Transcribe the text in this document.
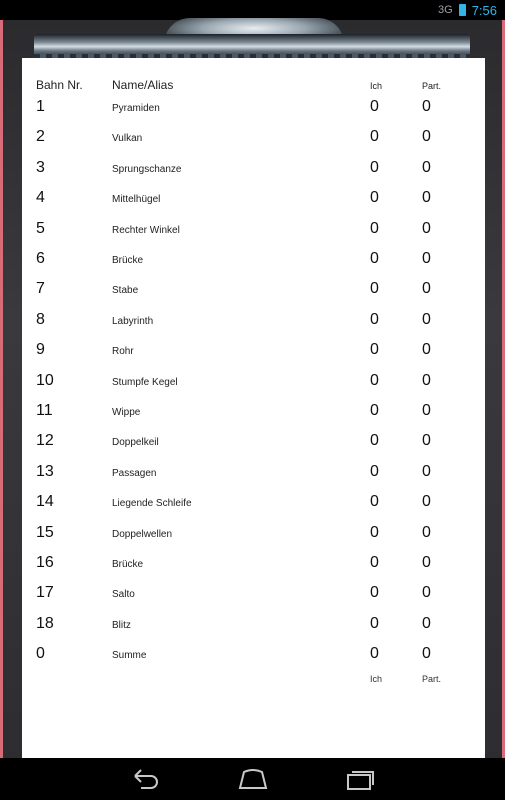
3G 7:56
Bahn Nr. Name/Alias	Ich	Part.
1	Pyramiden	0	0
2	Vulkan	0	0
3	Sprungschanze	0	0
4	Mittelhügel	0	0
5	Rechter Winkel	0	0
6	Brücke	0	0
7	Stabe	0	0
8	Labyrinth	0	0
9	Rohr	0	0
10	Stumpfe Kegel	0	0
11	Wippe	0	0
12	Doppelkeil	0	0
13	Passagen	0	0
14	Liegende Schleife	0	0
15	Doppelwellen	0	0
16	Brücke	0	0
17	Salto	0	0
18	Blitz	0	0
0	Summe	0	0
Ich	Part.
